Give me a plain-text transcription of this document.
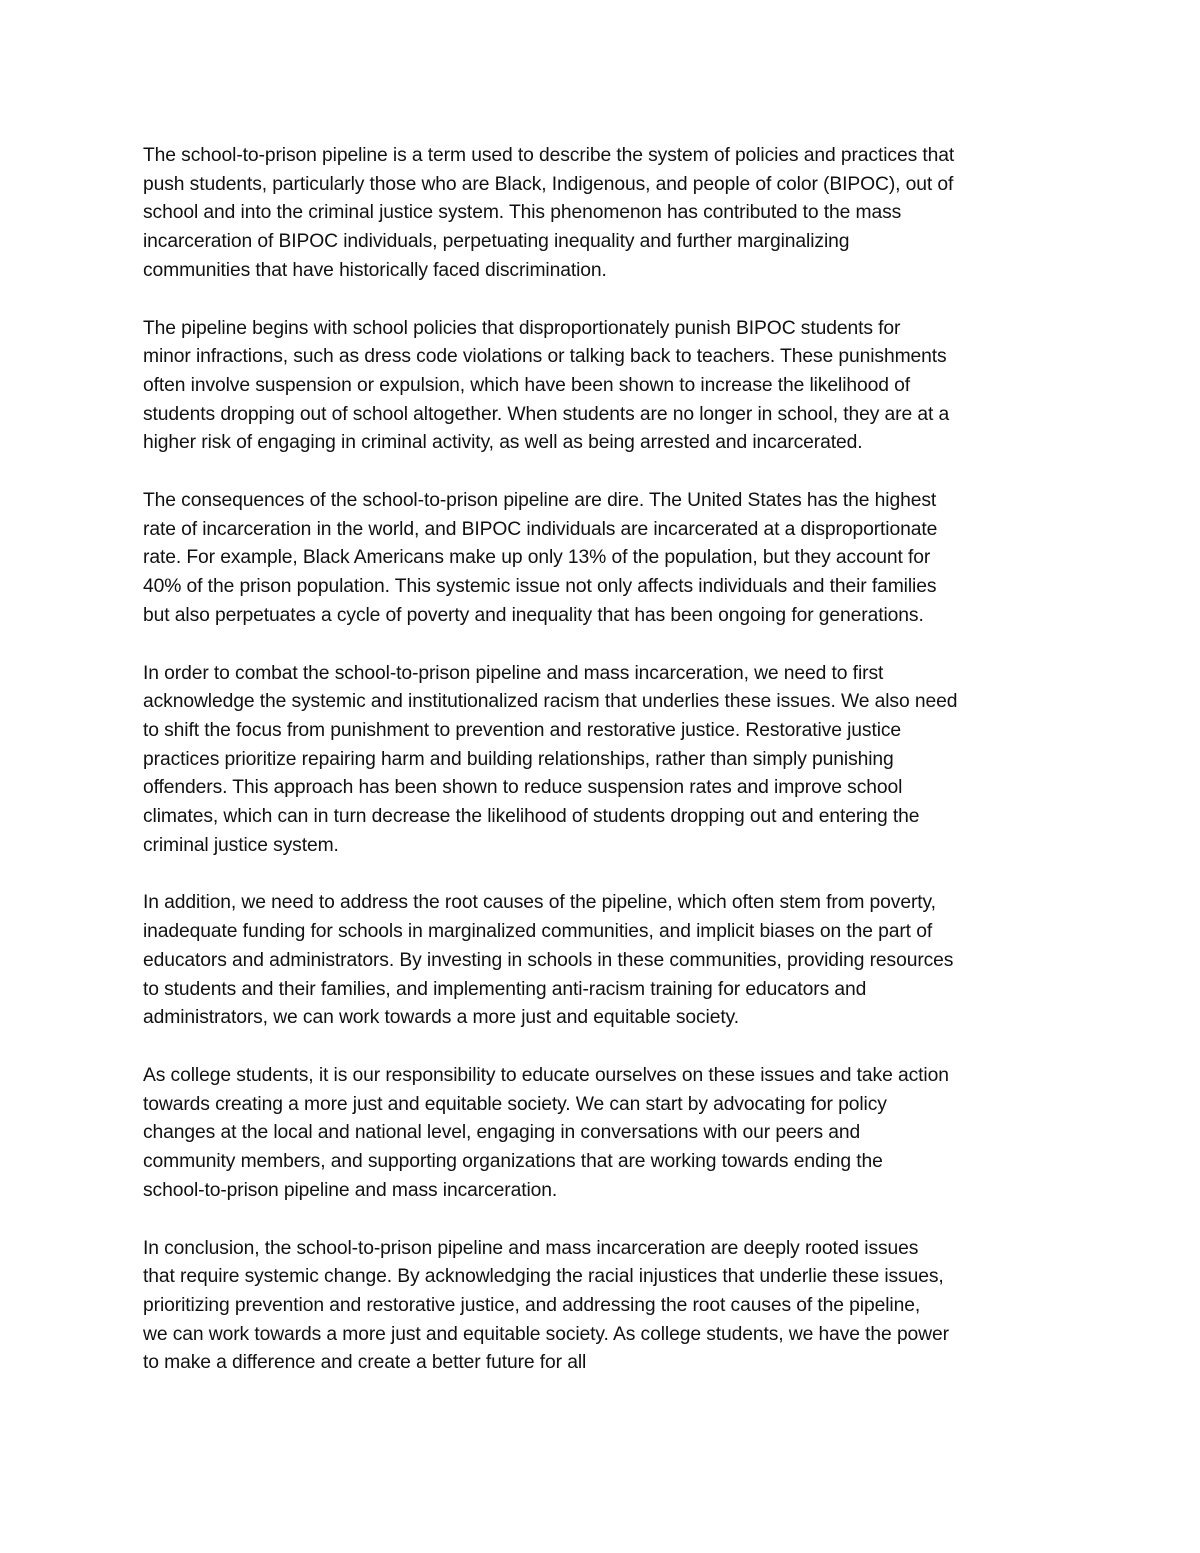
The school-to-prison pipeline is a term used to describe the system of policies and practices that
push students, particularly those who are Black, Indigenous, and people of color (BIPOC), out of
school and into the criminal justice system. This phenomenon has contributed to the mass
incarceration of BIPOC individuals, perpetuating inequality and further marginalizing
communities that have historically faced discrimination.

The pipeline begins with school policies that disproportionately punish BIPOC students for
minor infractions, such as dress code violations or talking back to teachers. These punishments
often involve suspension or expulsion, which have been shown to increase the likelihood of
students dropping out of school altogether. When students are no longer in school, they are at a
higher risk of engaging in criminal activity, as well as being arrested and incarcerated.

The consequences of the school-to-prison pipeline are dire. The United States has the highest
rate of incarceration in the world, and BIPOC individuals are incarcerated at a disproportionate
rate. For example, Black Americans make up only 13% of the population, but they account for
40% of the prison population. This systemic issue not only affects individuals and their families
but also perpetuates a cycle of poverty and inequality that has been ongoing for generations.

In order to combat the school-to-prison pipeline and mass incarceration, we need to first
acknowledge the systemic and institutionalized racism that underlies these issues. We also need
to shift the focus from punishment to prevention and restorative justice. Restorative justice
practices prioritize repairing harm and building relationships, rather than simply punishing
offenders. This approach has been shown to reduce suspension rates and improve school
climates, which can in turn decrease the likelihood of students dropping out and entering the
criminal justice system.

In addition, we need to address the root causes of the pipeline, which often stem from poverty,
inadequate funding for schools in marginalized communities, and implicit biases on the part of
educators and administrators. By investing in schools in these communities, providing resources
to students and their families, and implementing anti-racism training for educators and
administrators, we can work towards a more just and equitable society.

As college students, it is our responsibility to educate ourselves on these issues and take action
towards creating a more just and equitable society. We can start by advocating for policy
changes at the local and national level, engaging in conversations with our peers and
community members, and supporting organizations that are working towards ending the
school-to-prison pipeline and mass incarceration.

In conclusion, the school-to-prison pipeline and mass incarceration are deeply rooted issues
that require systemic change. By acknowledging the racial injustices that underlie these issues,
prioritizing prevention and restorative justice, and addressing the root causes of the pipeline,
we can work towards a more just and equitable society. As college students, we have the power
to make a difference and create a better future for all
